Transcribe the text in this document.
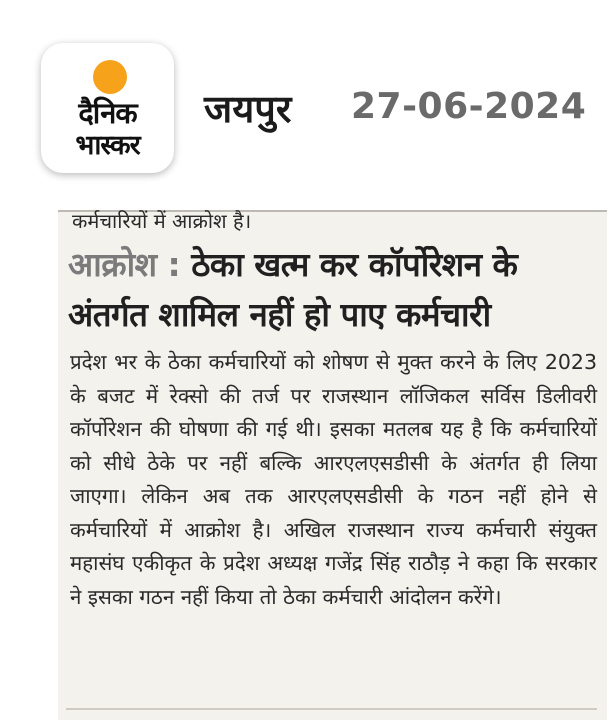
दैनिक
भास्कर
जयपुर 27-06-2024
कर्मचारियों में आक्रोश है।
आक्रोश : ठेका खत्म कर कॉर्पोरेशन के अंतर्गत शामिल नहीं हो पाए कर्मचारी
प्रदेश भर के ठेका कर्मचारियों को शोषण से मुक्त करने के लिए 2023 के बजट में रेक्सो की तर्ज पर राजस्थान लॉजिकल सर्विस डिलीवरी कॉर्पोरेशन की घोषणा की गई थी। इसका मतलब यह है कि कर्मचारियों को सीधे ठेके पर नहीं बल्कि आरएलएसडीसी के अंतर्गत ही लिया जाएगा। लेकिन अब तक आरएलएसडीसी के गठन नहीं होने से कर्मचारियों में आक्रोश है। अखिल राजस्थान राज्य कर्मचारी संयुक्त महासंघ एकीकृत के प्रदेश अध्यक्ष गजेंद्र सिंह राठौड़ ने कहा कि सरकार ने इसका गठन नहीं किया तो ठेका कर्मचारी आंदोलन करेंगे।
